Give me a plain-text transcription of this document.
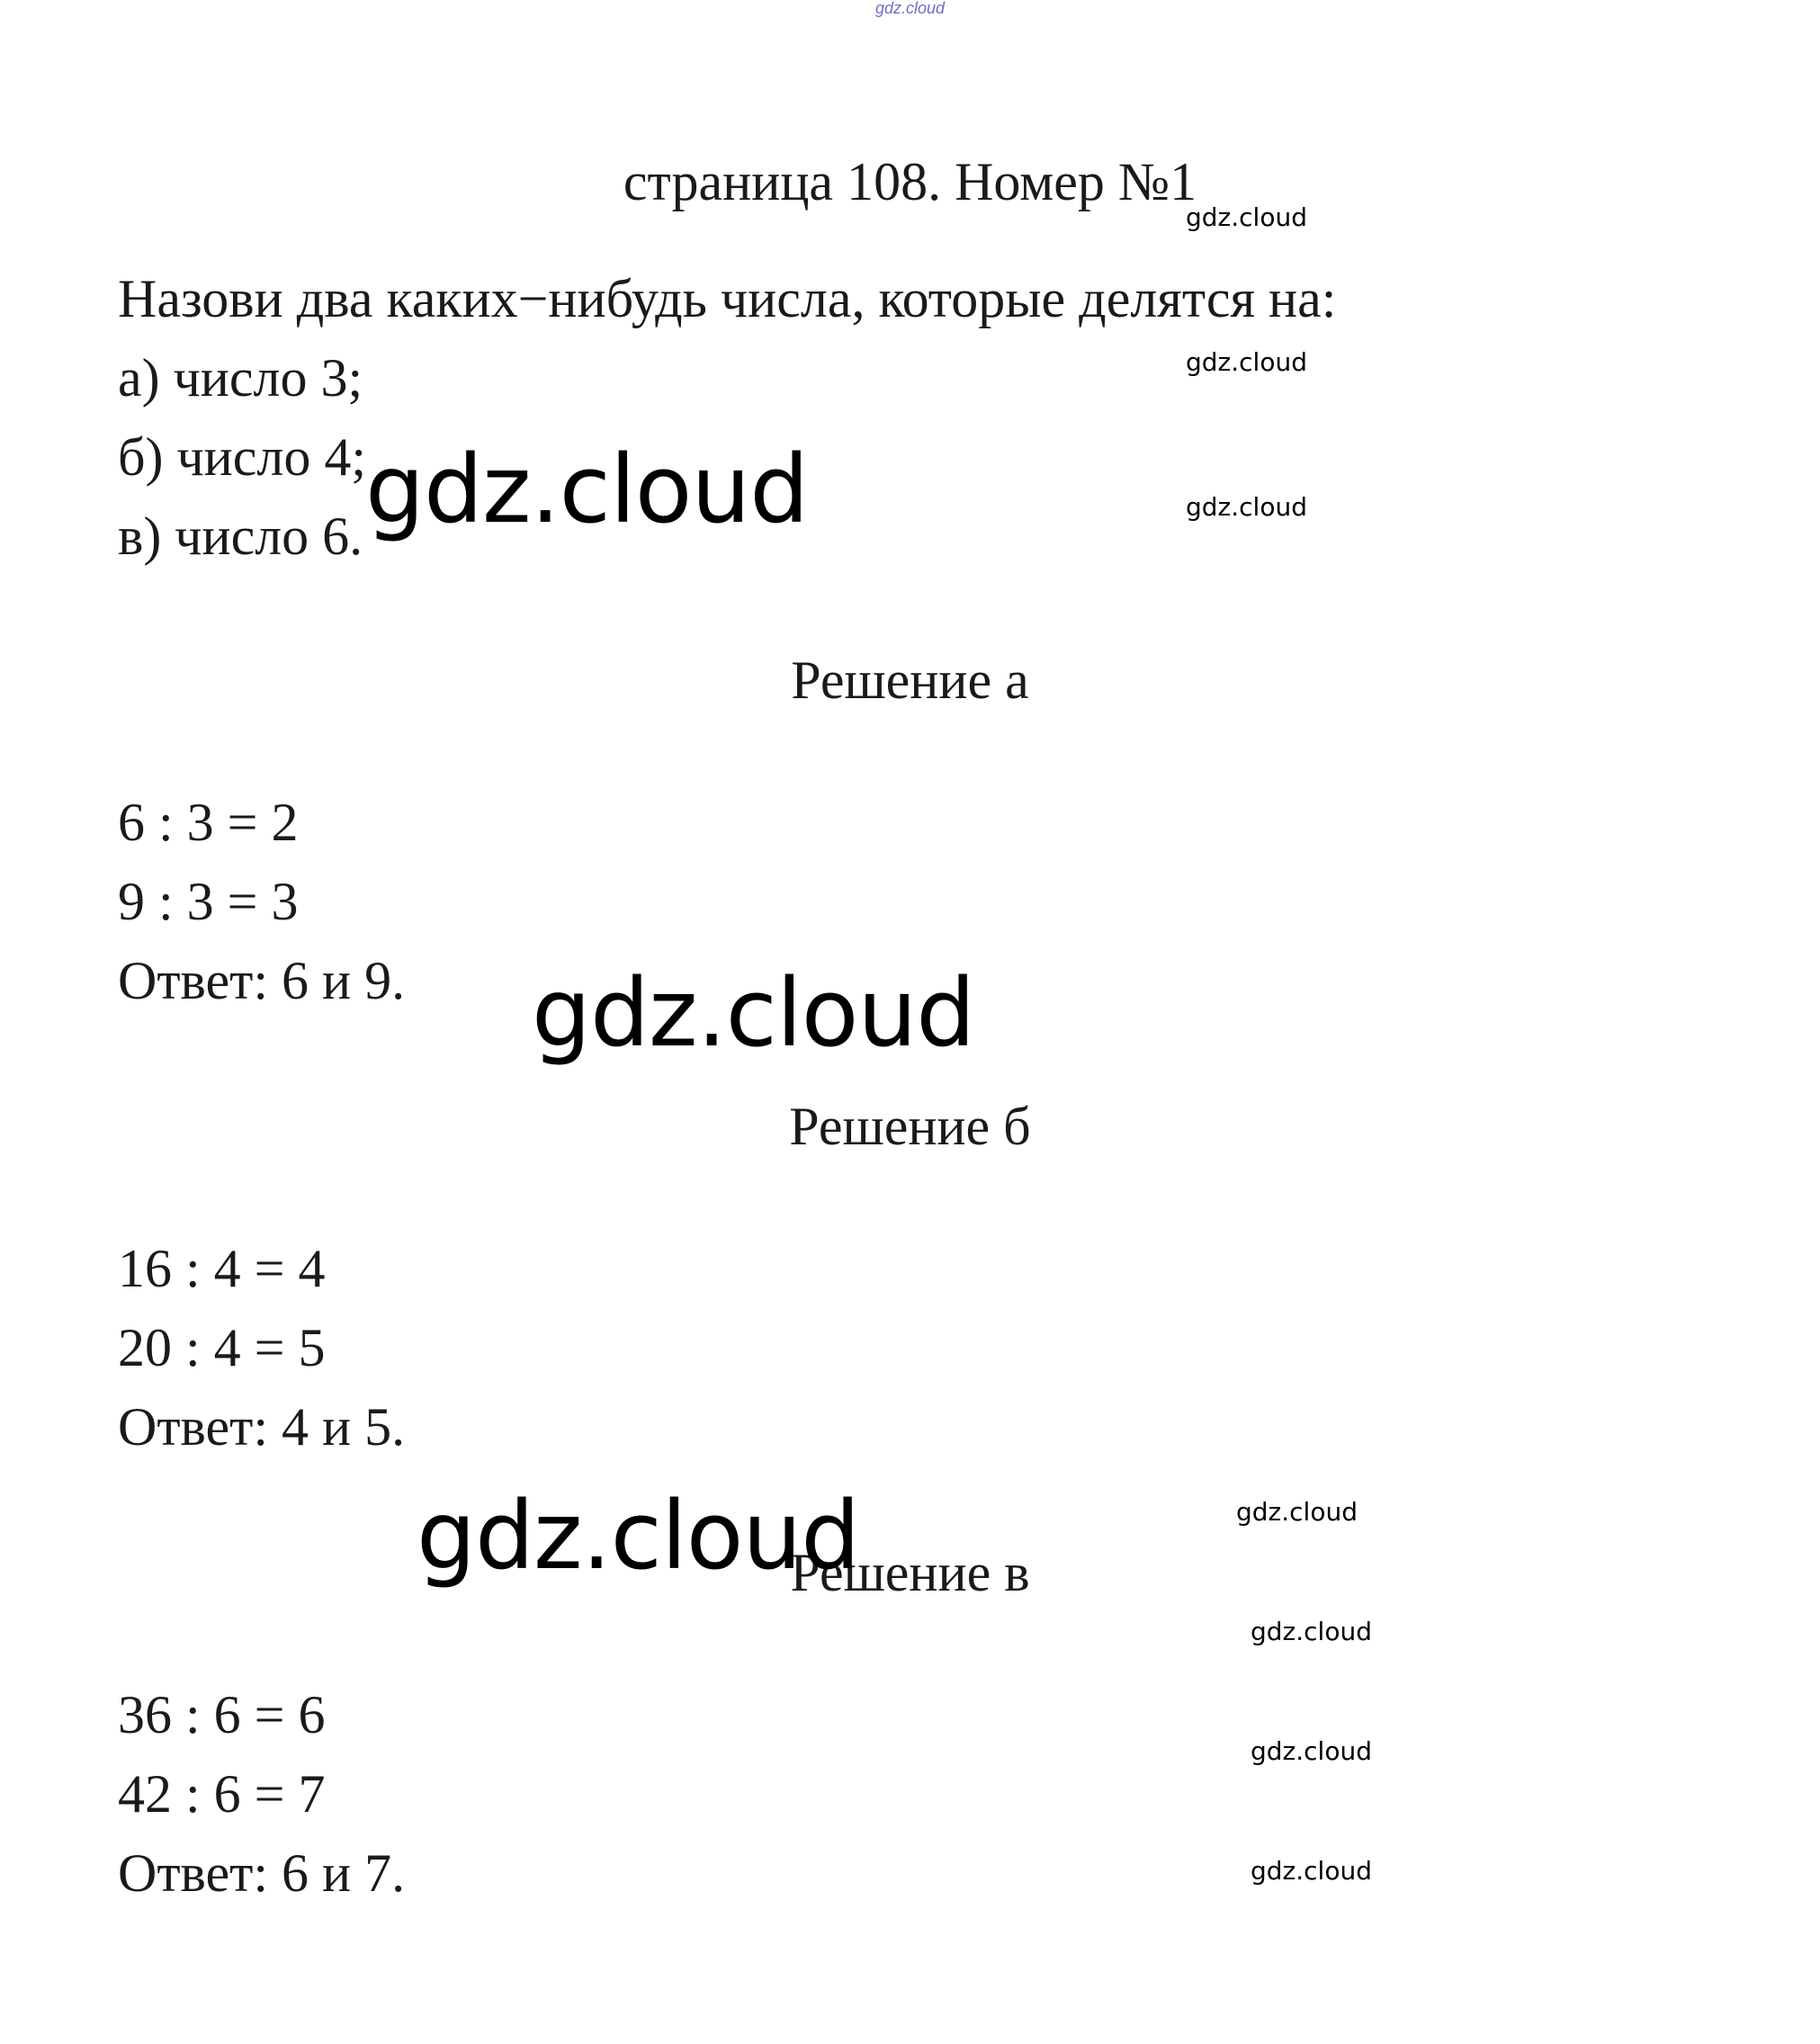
gdz.cloud
страница 108. Номер №1
Назови два каких−нибудь числа, которые делятся на:
а) число 3;
б) число 4;
в) число 6.
Решение а
6 : 3 = 2
9 : 3 = 3
Ответ: 6 и 9.
Решение б
16 : 4 = 4
20 : 4 = 5
Ответ: 4 и 5.
Решение в
36 : 6 = 6
42 : 6 = 7
Ответ: 6 и 7.
gdz.cloud
gdz.cloud
gdz.cloud
gdz.cloud
gdz.cloud
gdz.cloud
gdz.cloud
gdz.cloud
gdz.cloud
gdz.cloud
